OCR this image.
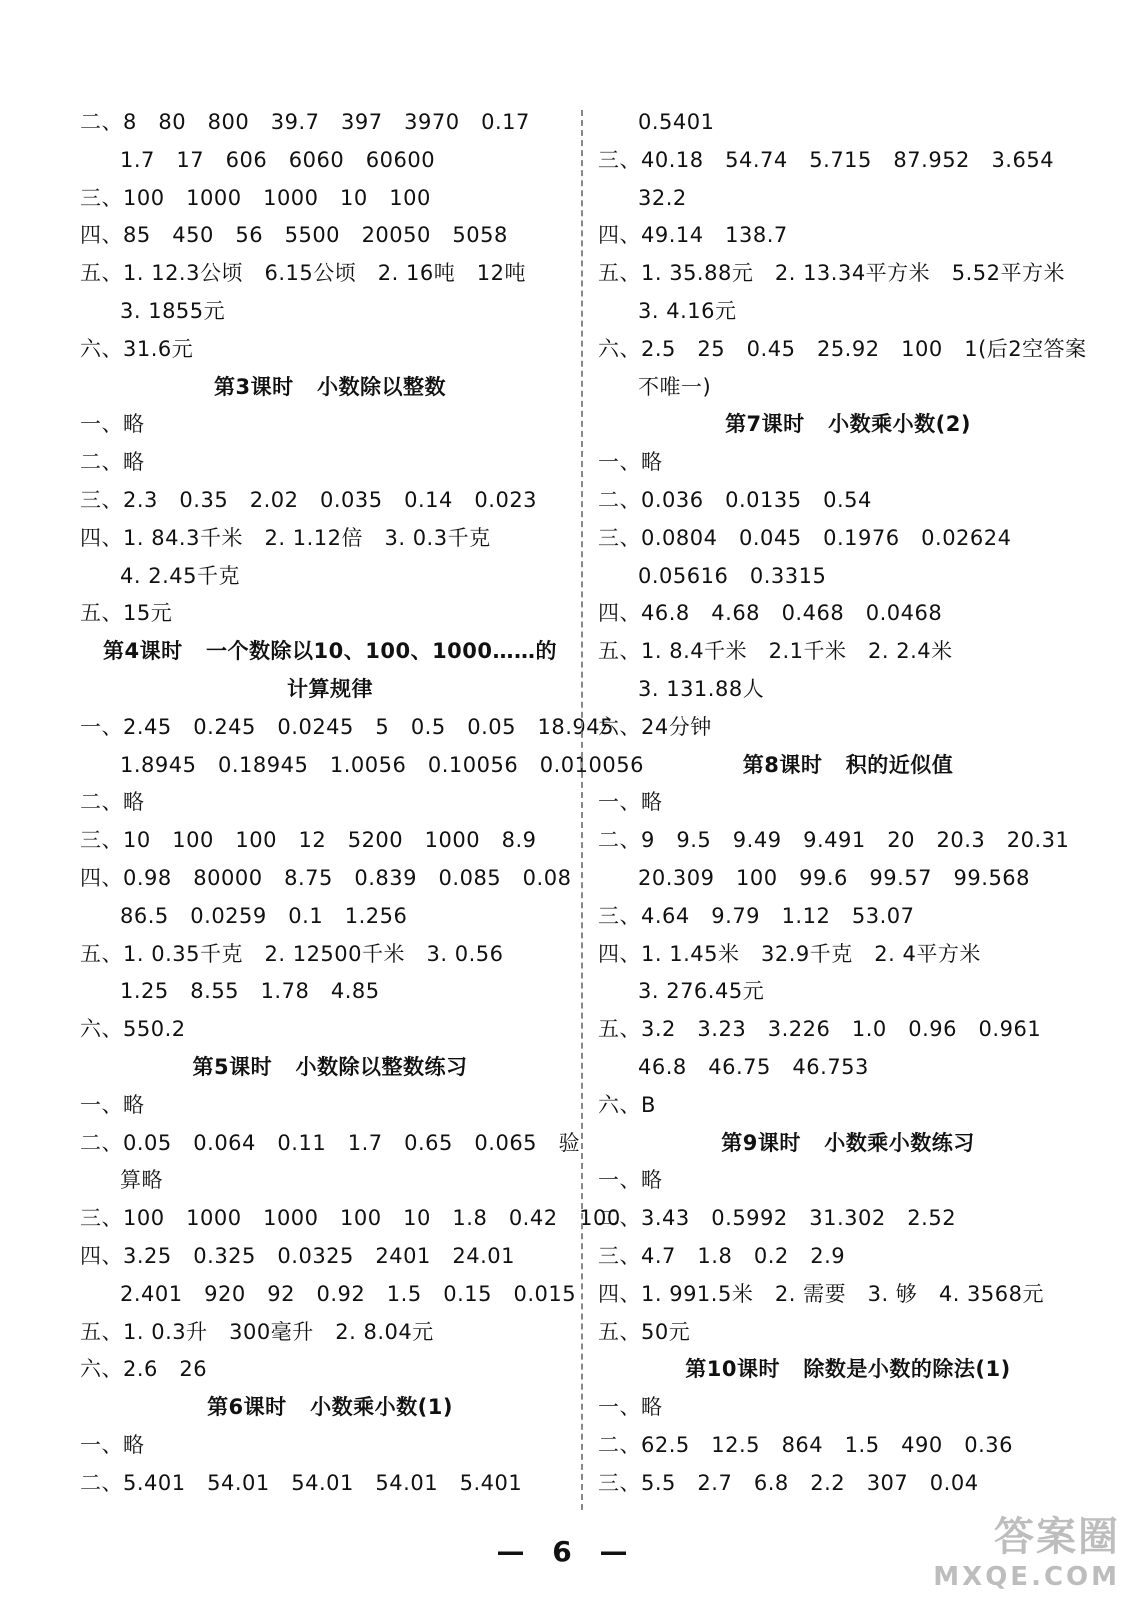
二、8   80   800   39.7   397   3970   0.17
1.7   17   606   6060   60600
三、100   1000   1000   10   100
四、85   450   56   5500   20050   5058
五、1. 12.3公顷   6.15公顷   2. 16吨   12吨
3. 1855元
六、31.6元
第3课时   小数除以整数
一、略
二、略
三、2.3   0.35   2.02   0.035   0.14   0.023
四、1. 84.3千米   2. 1.12倍   3. 0.3千克
4. 2.45千克
五、15元
第4课时   一个数除以10、100、1000……的
计算规律
一、2.45   0.245   0.0245   5   0.5   0.05   18.945
1.8945   0.18945   1.0056   0.10056   0.010056
二、略
三、10   100   100   12   5200   1000   8.9
四、0.98   80000   8.75   0.839   0.085   0.08
86.5   0.0259   0.1   1.256
五、1. 0.35千克   2. 12500千米   3. 0.56
1.25   8.55   1.78   4.85
六、550.2
第5课时   小数除以整数练习
一、略
二、0.05   0.064   0.11   1.7   0.65   0.065   验
算略
三、100   1000   1000   100   10   1.8   0.42   100
四、3.25   0.325   0.0325   2401   24.01
2.401   920   92   0.92   1.5   0.15   0.015
五、1. 0.3升   300毫升   2. 8.04元
六、2.6   26
第6课时   小数乘小数(1)
一、略
二、5.401   54.01   54.01   54.01   5.401
0.5401
三、40.18   54.74   5.715   87.952   3.654
32.2
四、49.14   138.7
五、1. 35.88元   2. 13.34平方米   5.52平方米
3. 4.16元
六、2.5   25   0.45   25.92   100   1(后2空答案
不唯一)
第7课时   小数乘小数(2)
一、略
二、0.036   0.0135   0.54
三、0.0804   0.045   0.1976   0.02624
0.05616   0.3315
四、46.8   4.68   0.468   0.0468
五、1. 8.4千米   2.1千米   2. 2.4米
3. 131.88人
六、24分钟
第8课时   积的近似值
一、略
二、9   9.5   9.49   9.491   20   20.3   20.31
20.309   100   99.6   99.57   99.568
三、4.64   9.79   1.12   53.07
四、1. 1.45米   32.9千克   2. 4平方米
3. 276.45元
五、3.2   3.23   3.226   1.0   0.96   0.961
46.8   46.75   46.753
六、B
第9课时   小数乘小数练习
一、略
二、3.43   0.5992   31.302   2.52
三、4.7   1.8   0.2   2.9
四、1. 991.5米   2. 需要   3. 够   4. 3568元
五、50元
第10课时   除数是小数的除法(1)
一、略
二、62.5   12.5   864   1.5   490   0.36
三、5.5   2.7   6.8   2.2   307   0.04
— 6 —	答案圈
MXQE.COM
